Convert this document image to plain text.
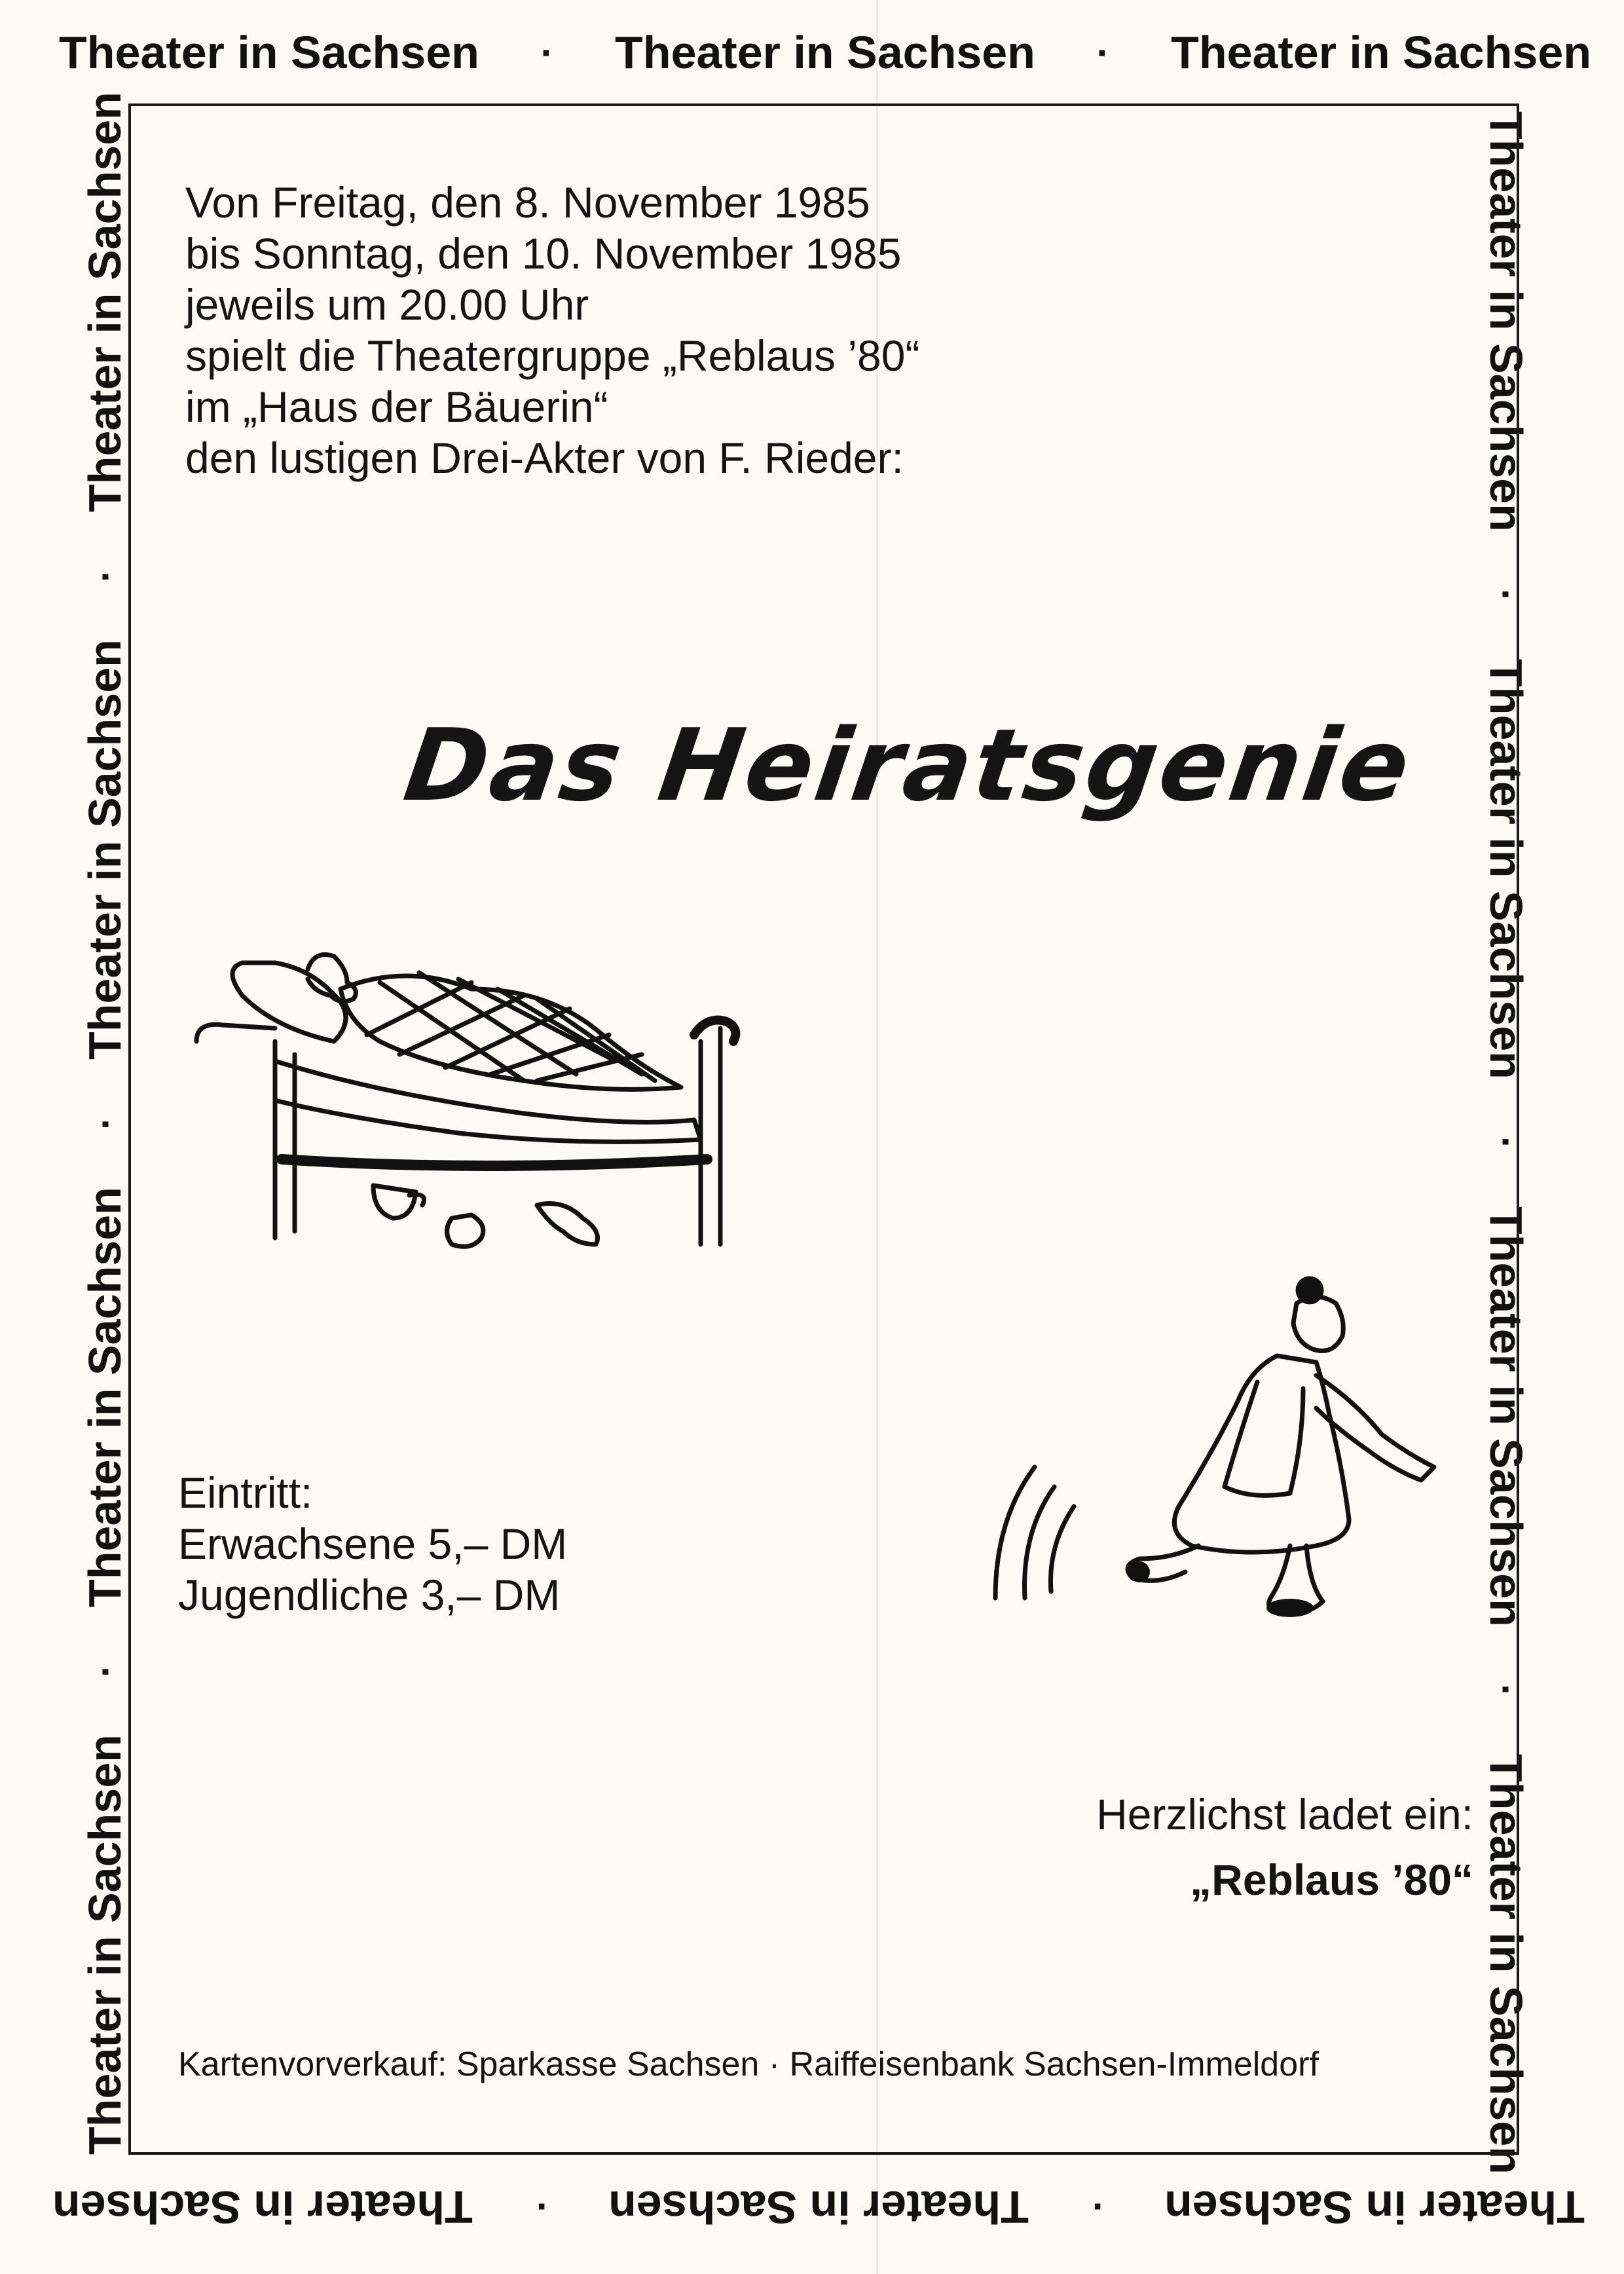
Theater in Sachsen · Theater in Sachsen · Theater in Sachsen
Theater in Sachsen
·
Theater in Sachsen
·
Theater in Sachsen
Theater in Sachsen
·
Theater in Sachsen
·
Theater in Sachsen
·
Theater in Sachsen	Theater in Sachsen
·
Theater in Sachsen
·
Theater in Sachsen
·
Theater in Sachsen
Von Freitag, den 8. November 1985
bis Sonntag, den 10. November 1985
jeweils um 20.00 Uhr
spielt die Theatergruppe „Reblaus ’80“
im „Haus der Bäuerin“
den lustigen Drei-Akter von F. Rieder:
Das Heiratsgenie
Eintritt:
Erwachsene 5,– DM
Jugendliche 3,– DM
Herzlichst ladet ein:
„Reblaus ’80“
Kartenvorverkauf: Sparkasse Sachsen · Raiffeisenbank Sachsen-Immeldorf
